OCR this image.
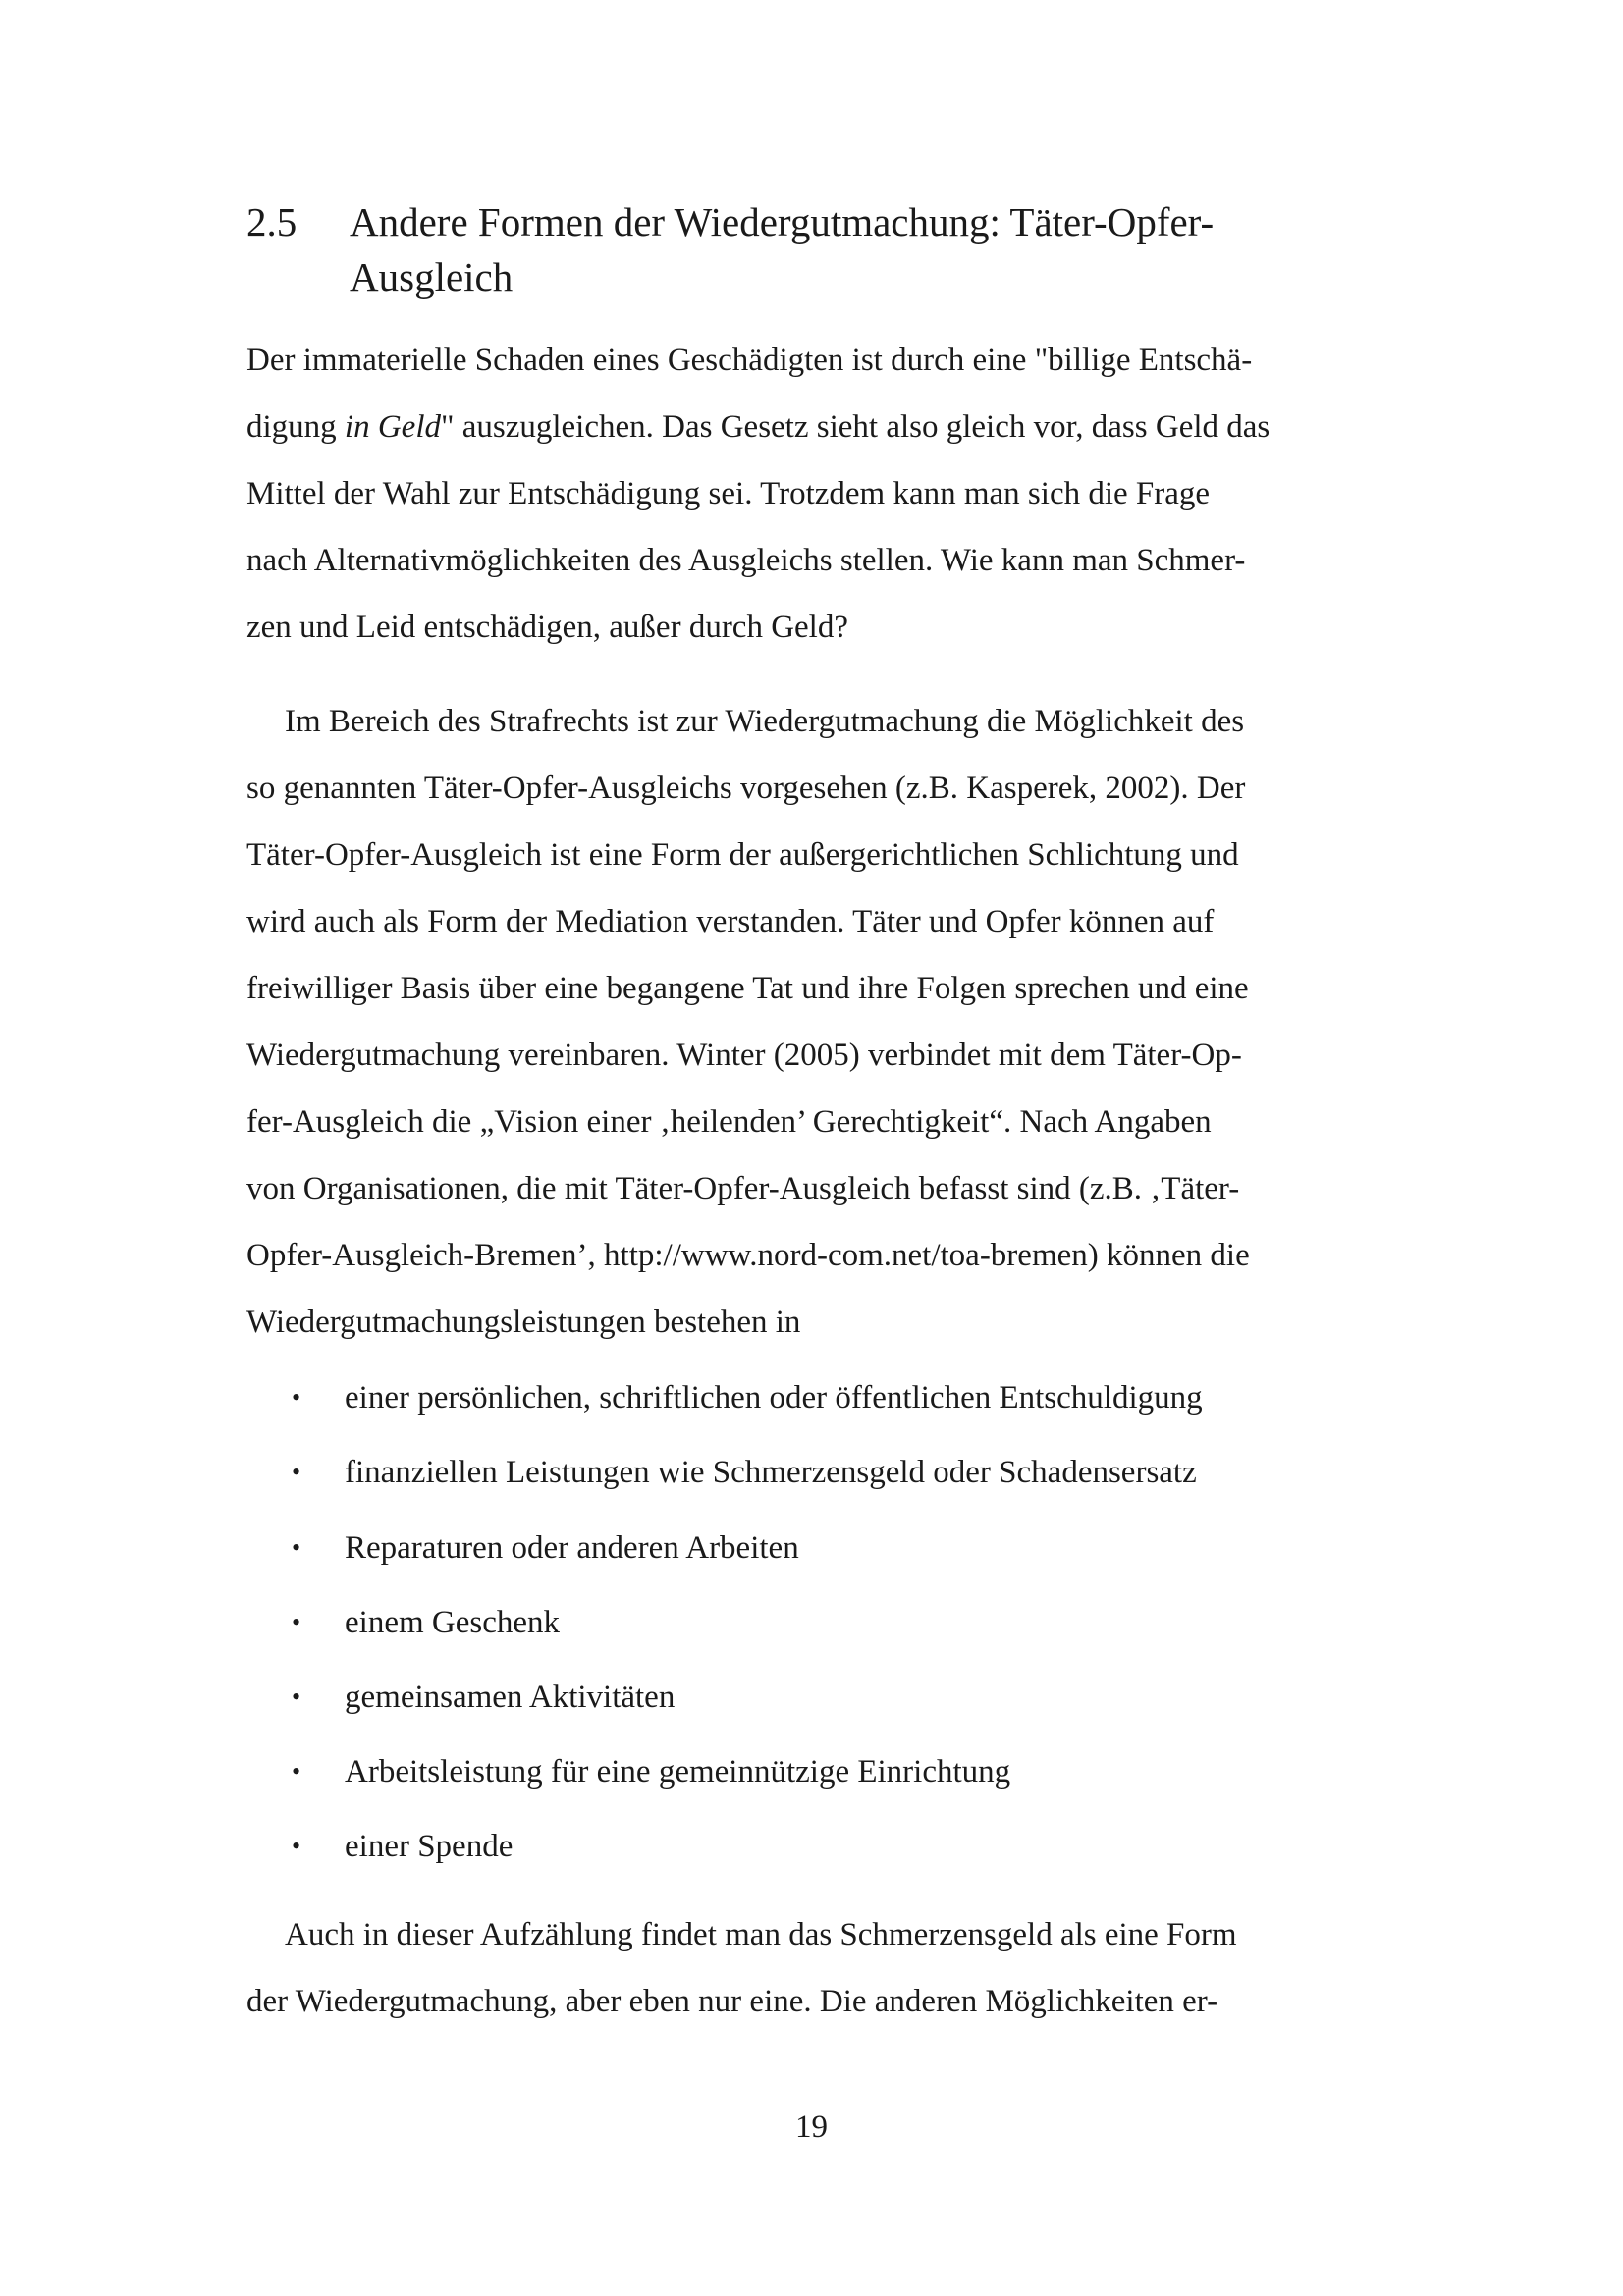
2.5 Andere Formen der Wiedergutmachung: Täter-Opfer-Ausgleich
Der immaterielle Schaden eines Geschädigten ist durch eine "billige Entschä-
digung in Geld" auszugleichen. Das Gesetz sieht also gleich vor, dass Geld das
Mittel der Wahl zur Entschädigung sei. Trotzdem kann man sich die Frage
nach Alternativmöglichkeiten des Ausgleichs stellen. Wie kann man Schmer-
zen und Leid entschädigen, außer durch Geld?
Im Bereich des Strafrechts ist zur Wiedergutmachung die Möglichkeit des
so genannten Täter-Opfer-Ausgleichs vorgesehen (z.B. Kasperek, 2002). Der
Täter-Opfer-Ausgleich ist eine Form der außergerichtlichen Schlichtung und
wird auch als Form der Mediation verstanden. Täter und Opfer können auf
freiwilliger Basis über eine begangene Tat und ihre Folgen sprechen und eine
Wiedergutmachung vereinbaren. Winter (2005) verbindet mit dem Täter-Op-
fer-Ausgleich die „Vision einer ‚heilenden’ Gerechtigkeit“. Nach Angaben
von Organisationen, die mit Täter-Opfer-Ausgleich befasst sind (z.B. ‚Täter-
Opfer-Ausgleich-Bremen’, http://www.nord-com.net/toa-bremen) können die
Wiedergutmachungsleistungen bestehen in
• einer persönlichen, schriftlichen oder öffentlichen Entschuldigung
• finanziellen Leistungen wie Schmerzensgeld oder Schadensersatz
• Reparaturen oder anderen Arbeiten
• einem Geschenk
• gemeinsamen Aktivitäten
• Arbeitsleistung für eine gemeinnützige Einrichtung
• einer Spende
Auch in dieser Aufzählung findet man das Schmerzensgeld als eine Form
der Wiedergutmachung, aber eben nur eine. Die anderen Möglichkeiten er-
19
